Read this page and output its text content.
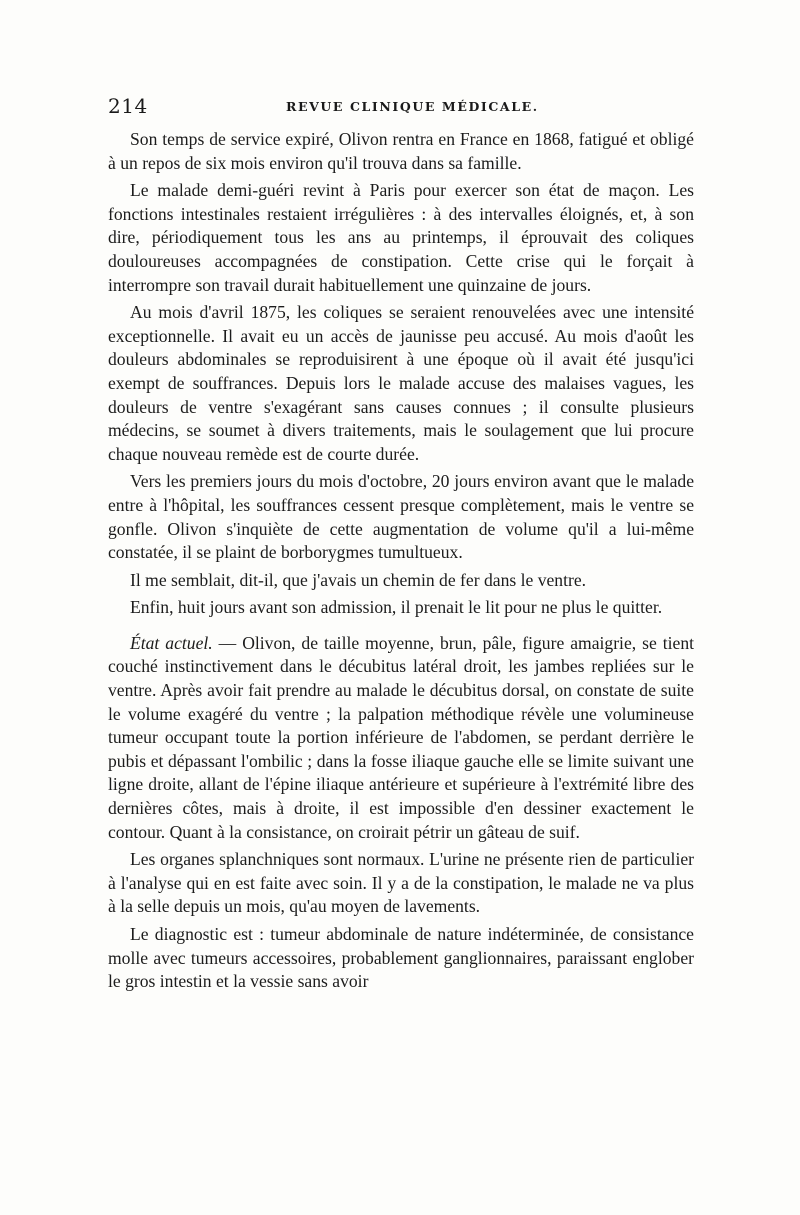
214	REVUE CLINIQUE MÉDICALE.

Son temps de service expiré, Olivon rentra en France en 1868, fatigué et obligé à un repos de six mois environ qu'il trouva dans sa famille.

Le malade demi-guéri revint à Paris pour exercer son état de maçon. Les fonctions intestinales restaient irrégulières : à des intervalles éloignés, et, à son dire, périodiquement tous les ans au printemps, il éprouvait des coliques douloureuses accompagnées de constipation. Cette crise qui le forçait à interrompre son travail durait habituellement une quinzaine de jours.

Au mois d'avril 1875, les coliques se seraient renouvelées avec une intensité exceptionnelle. Il avait eu un accès de jaunisse peu accusé. Au mois d'août les douleurs abdominales se reproduisirent à une époque où il avait été jusqu'ici exempt de souffrances. Depuis lors le malade accuse des malaises vagues, les douleurs de ventre s'exagérant sans causes connues ; il consulte plusieurs médecins, se soumet à divers traitements, mais le soulagement que lui procure chaque nouveau remède est de courte durée.

Vers les premiers jours du mois d'octobre, 20 jours environ avant que le malade entre à l'hôpital, les souffrances cessent presque complètement, mais le ventre se gonfle. Olivon s'inquiète de cette augmentation de volume qu'il a lui-même constatée, il se plaint de borborygmes tumultueux.

Il me semblait, dit-il, que j'avais un chemin de fer dans le ventre.

Enfin, huit jours avant son admission, il prenait le lit pour ne plus le quitter.

État actuel. — Olivon, de taille moyenne, brun, pâle, figure amaigrie, se tient couché instinctivement dans le décubitus latéral droit, les jambes repliées sur le ventre. Après avoir fait prendre au malade le décubitus dorsal, on constate de suite le volume exagéré du ventre ; la palpation méthodique révèle une volumineuse tumeur occupant toute la portion inférieure de l'abdomen, se perdant derrière le pubis et dépassant l'ombilic ; dans la fosse iliaque gauche elle se limite suivant une ligne droite, allant de l'épine iliaque antérieure et supérieure à l'extrémité libre des dernières côtes, mais à droite, il est impossible d'en dessiner exactement le contour. Quant à la consistance, on croirait pétrir un gâteau de suif.

Les organes splanchniques sont normaux. L'urine ne présente rien de particulier à l'analyse qui en est faite avec soin. Il y a de la constipation, le malade ne va plus à la selle depuis un mois, qu'au moyen de lavements.

Le diagnostic est : tumeur abdominale de nature indéterminée, de consistance molle avec tumeurs accessoires, probablement ganglionnaires, paraissant englober le gros intestin et la vessie sans avoir
